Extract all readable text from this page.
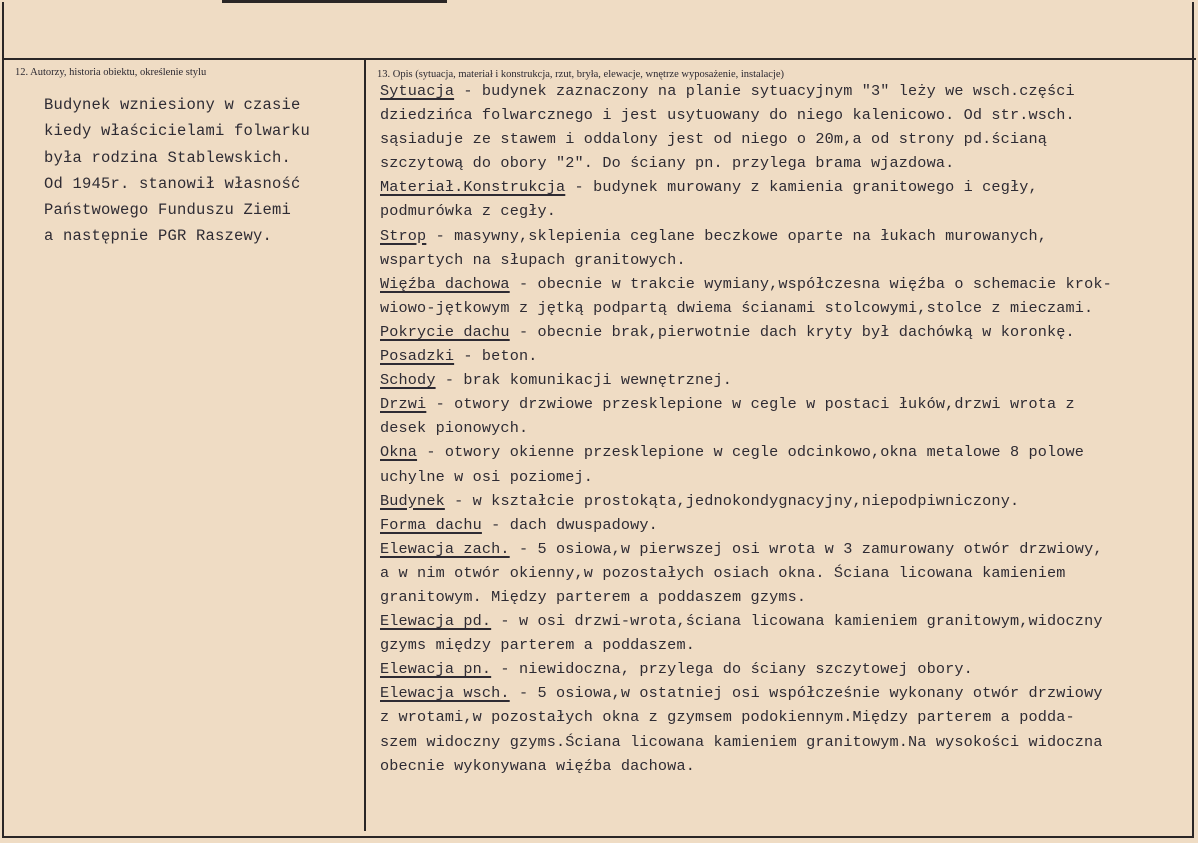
12. Autorzy, historia obiektu, określenie stylu	13. Opis (sytuacja, materiał i konstrukcja, rzut, bryła, elewacje, wnętrze wyposażenie, instalacje)
Budynek wzniesiony w czasie
kiedy właścicielami folwarku
była rodzina Stablewskich.
Od 1945r. stanowił własność
Państwowego Funduszu Ziemi
a następnie PGR Raszewy.
Sytuacja - budynek zaznaczony na planie sytuacyjnym "3" leży we wsch.części
dziedzińca folwarcznego i jest usytuowany do niego kalenicowo. Od str.wsch.
sąsiaduje ze stawem i oddalony jest od niego o 20m,a od strony pd.ścianą
szczytową do obory "2". Do ściany pn. przylega brama wjazdowa.
Materiał.Konstrukcja - budynek murowany z kamienia granitowego i cegły,
podmurówka z cegły.
Strop - masywny,sklepienia ceglane beczkowe oparte na łukach murowanych,
wspartych na słupach granitowych.
Więźba dachowa - obecnie w trakcie wymiany,współczesna więźba o schemacie krok-
wiowo-jętkowym z jętką podpartą dwiema ścianami stolcowymi,stolce z mieczami.
Pokrycie dachu - obecnie brak,pierwotnie dach kryty był dachówką w koronkę.
Posadzki - beton.
Schody - brak komunikacji wewnętrznej.
Drzwi - otwory drzwiowe przesklepione w cegle w postaci łuków,drzwi wrota z
desek pionowych.
Okna - otwory okienne przesklepione w cegle odcinkowo,okna metalowe 8 polowe
uchylne w osi poziomej.
Budynek - w kształcie prostokąta,jednokondygnacyjny,niepodpiwniczony.
Forma dachu - dach dwuspadowy.
Elewacja zach. - 5 osiowa,w pierwszej osi wrota w 3 zamurowany otwór drzwiowy,
a w nim otwór okienny,w pozostałych osiach okna. Ściana licowana kamieniem
granitowym. Między parterem a poddaszem gzyms.
Elewacja pd. - w osi drzwi-wrota,ściana licowana kamieniem granitowym,widoczny
gzyms między parterem a poddaszem.
Elewacja pn. - niewidoczna, przylega do ściany szczytowej obory.
Elewacja wsch. - 5 osiowa,w ostatniej osi współcześnie wykonany otwór drzwiowy
z wrotami,w pozostałych okna z gzymsem podokiennym.Między parterem a podda-
szem widoczny gzyms.Ściana licowana kamieniem granitowym.Na wysokości widoczna
obecnie wykonywana więźba dachowa.
